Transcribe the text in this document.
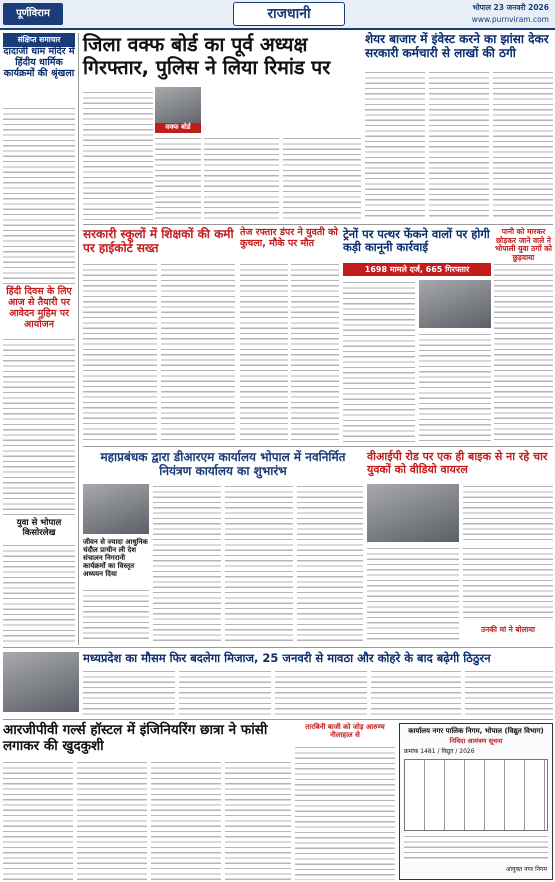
पूर्णविराम	राजधानी	भोपाल 23 जनवरी 2026
www.purnviram.com
संक्षिप्त समाचार
दादाजी धाम मंदिर में हिंदीय धार्मिक कार्यक्रमों की श्रृंखला
हिंदी दिवस के लिए आज से तैयारी पर आवेदन मुहिम पर आयोजन
युवा से भोपाल किसोरलेख
जिला वक्फ बोर्ड का पूर्व अध्यक्ष गिरफ्तार, पुलिस ने लिया रिमांड पर
वक्फ बोर्ड
शेयर बाजार में इंवेस्ट करने का झांसा देकर सरकारी कर्मचारी से लाखों की ठगी
सरकारी स्कूलों में शिक्षकों की कमी पर हाईकोर्ट सख्त
तेज रफ्तार डंपर ने युवती को कुचला, मौके पर मौत
ट्रेनों पर पत्थर फेंकने वालों पर होगी कड़ी कानूनी कार्रवाई
1698 मामले दर्ज, 665 गिरफ्तार
पानी को मारकर छोड़कर जाने वाले ने भोपाली युवा ठगों को छुड़वाया
महाप्रबंधक द्वारा डीआरएम कार्यालय भोपाल में नवनिर्मित नियंत्रण कार्यालय का शुभारंभ
जीवन से ज्यादा आधुनिक चंदौल प्राचीन ली देश संचालन निगरानी कार्यक्रमों का विस्तृत अध्ययन दिया
वीआईपी रोड पर एक ही बाइक से ना रहे चार युवकों को वीडियो वायरल
उनकी मां ने बोलाया
मध्यप्रदेश का मौसम फिर बदलेगा मिजाज, 25 जनवरी से मावठा और कोहरे के बाद बढ़ेगी ठिठुरन
आरजीपीवी गर्ल्स हॉस्टल में इंजिनियरिंग छात्रा ने फांसी लगाकर की खुदकुशी
तारबिनी बाजी को जोड़ आरुण्य नीलाहाल से
कार्यालय नगर पालिक निगम, भोपाल (विद्युत विभाग)
निविदा आमंत्रण सूचना
क्रमांक 1481 / विद्युत / 2026
आयुक्त नगर निगम
